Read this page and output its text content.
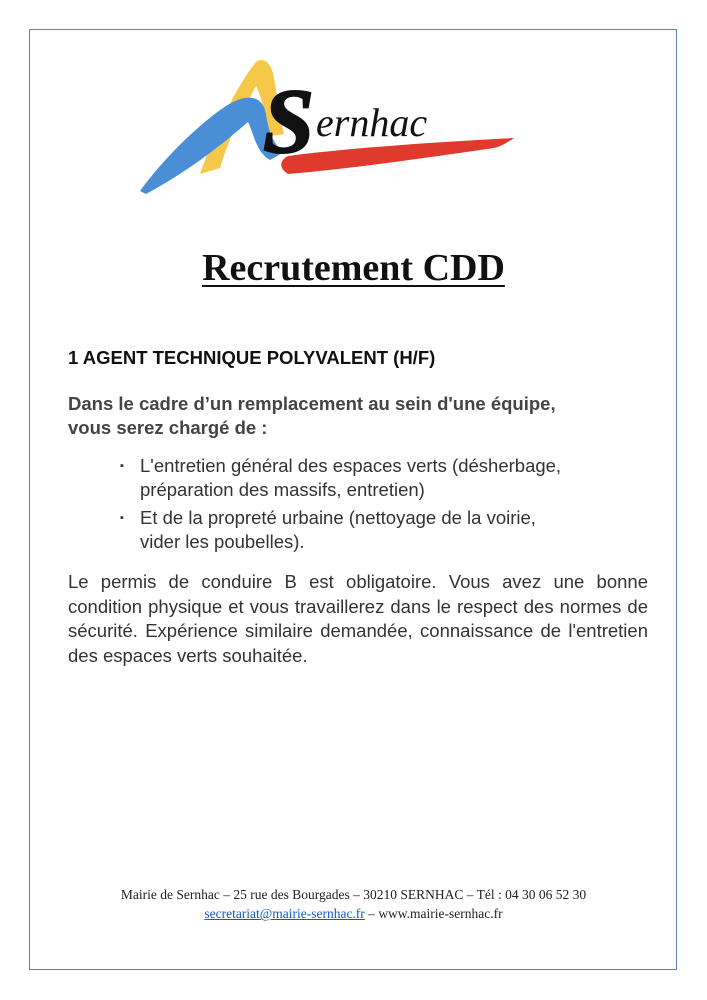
S ernhac
Recrutement CDD

1 AGENT TECHNIQUE POLYVALENT (H/F)

Dans le cadre d’un remplacement au sein d'une équipe,
vous serez chargé de :

▪ L'entretien général des espaces verts (désherbage,
préparation des massifs, entretien)
▪ Et de la propreté urbaine (nettoyage de la voirie,
vider les poubelles).

Le permis de conduire B est obligatoire. Vous avez une bonne condition physique et vous travaillerez dans le respect des normes de sécurité. Expérience similaire demandée, connaissance de l'entretien des espaces verts souhaitée.

Mairie de Sernhac – 25 rue des Bourgades – 30210 SERNHAC – Tél : 04 30 06 52 30
secretariat@mairie-sernhac.fr – www.mairie-sernhac.fr
